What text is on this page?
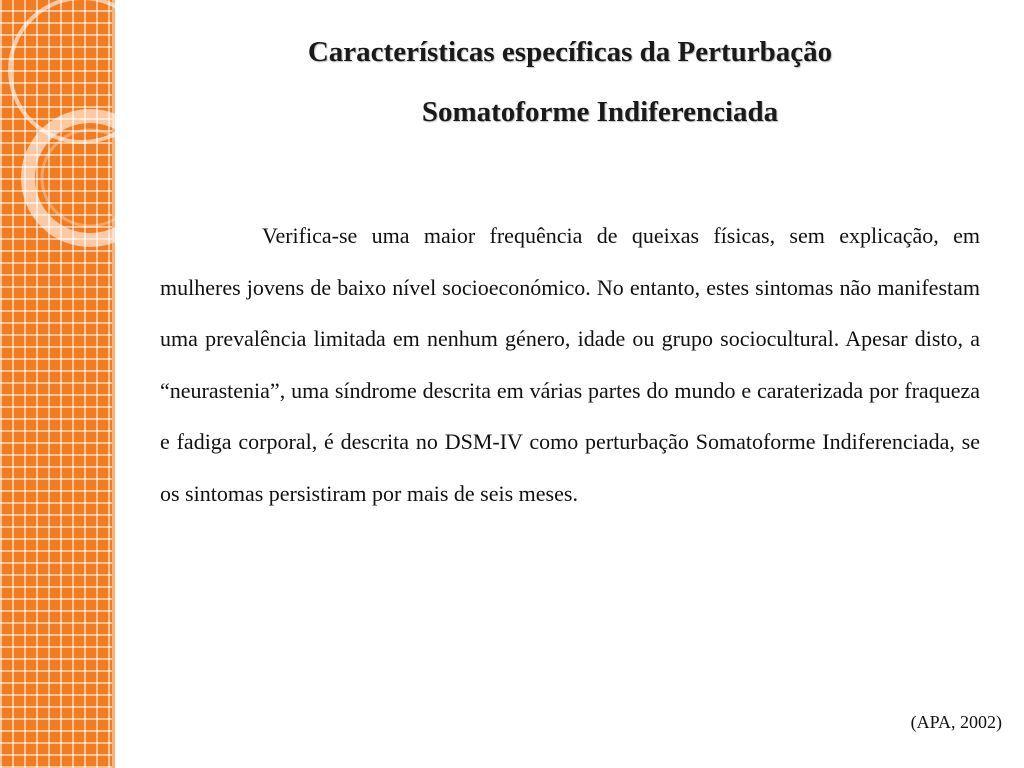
Características específicas da Perturbação
Somatoforme Indiferenciada

Verifica-se uma maior frequência de queixas físicas, sem explicação, em mulheres jovens de baixo nível socioeconómico. No entanto, estes sintomas não manifestam uma prevalência limitada em nenhum género, idade ou grupo sociocultural. Apesar disto, a “neurastenia”, uma síndrome descrita em várias partes do mundo e caraterizada por fraqueza e fadiga corporal, é descrita no DSM-IV como perturbação Somatoforme Indiferenciada, se os sintomas persistiram por mais de seis meses.

(APA, 2002)
